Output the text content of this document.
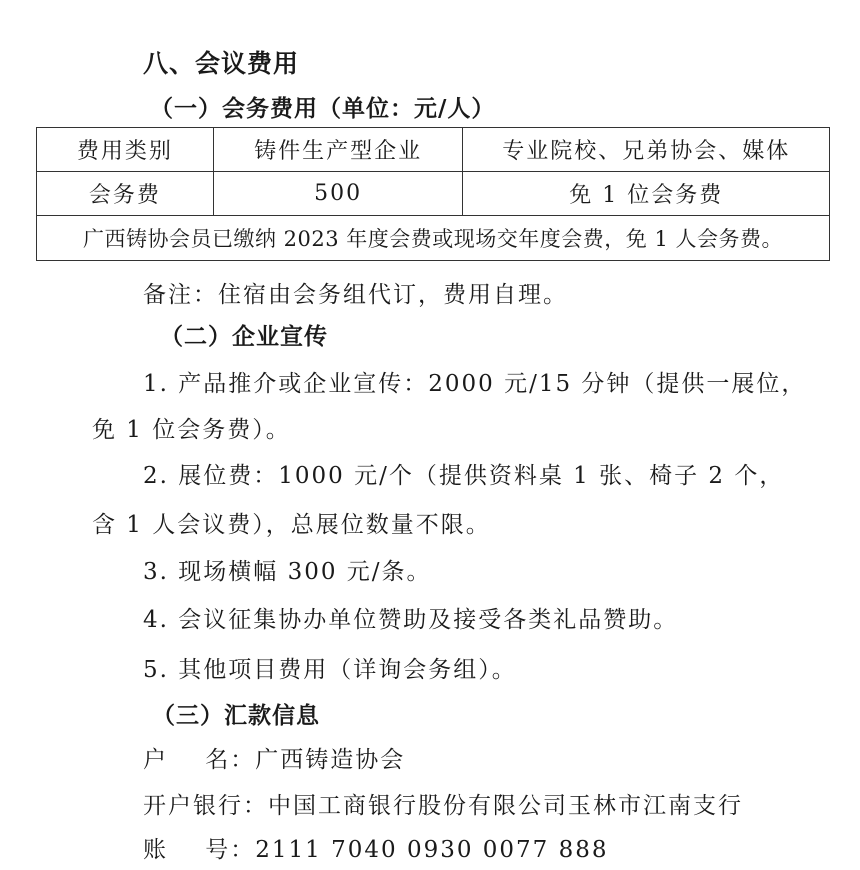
八、会议费用
（一）会务费用（单位：元/人）
费用类别	铸件生产型企业	专业院校、兄弟协会、媒体
会务费	500	免 1 位会务费
广西铸协会员已缴纳 2023 年度会费或现场交年度会费，免 1 人会务费。		
备注：住宿由会务组代订，费用自理。
（二）企业宣传
1. 产品推介或企业宣传：2000 元/15 分钟（提供一展位，
免 1 位会务费）。
2. 展位费：1000 元/个（提供资料桌 1 张、椅子 2 个，
含 1 人会议费），总展位数量不限。
3. 现场横幅 300 元/条。
4. 会议征集协办单位赞助及接受各类礼品赞助。
5. 其他项目费用（详询会务组）。
（三）汇款信息
户    名：广西铸造协会
开户银行：中国工商银行股份有限公司玉林市江南支行
账    号：2111 7040 0930 0077 888
